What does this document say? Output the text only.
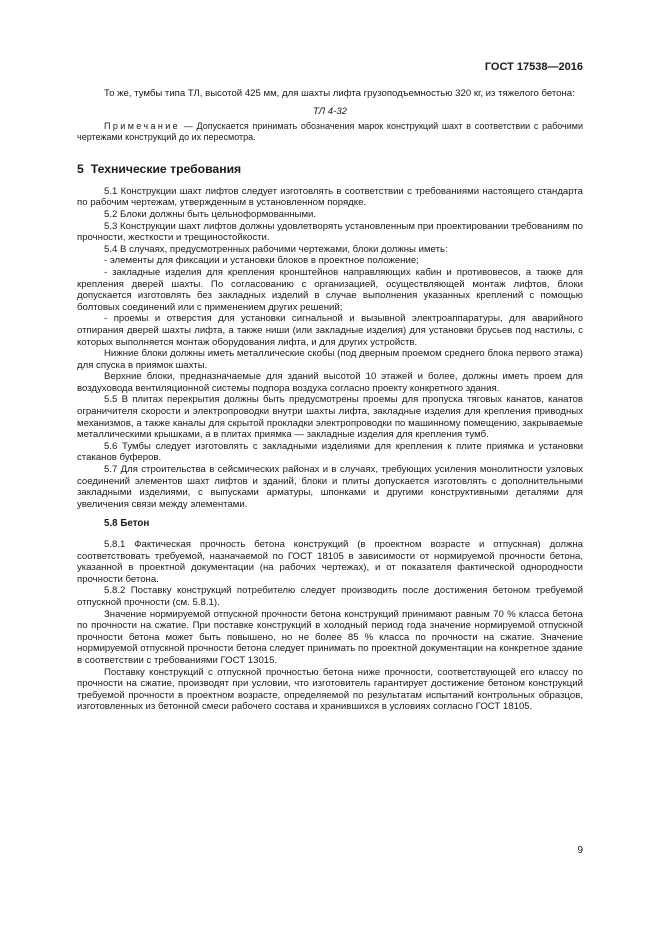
ГОСТ 17538—2016

То же, тумбы типа ТЛ, высотой 425 мм, для шахты лифта грузоподъемностью 320 кг, из тяжелого бетона:

ТЛ 4-32

Примечание — Допускается принимать обозначения марок конструкций шахт в соответствии с рабочими чертежами конструкций до их пересмотра.

5 Технические требования

5.1 Конструкции шахт лифтов следует изготовлять в соответствии с требованиями настоящего стандарта по рабочим чертежам, утвержденным в установленном порядке.

5.2 Блоки должны быть цельноформованными.

5.3 Конструкции шахт лифтов должны удовлетворять установленным при проектировании требованиям по прочности, жесткости и трещиностойкости.

5.4 В случаях, предусмотренных рабочими чертежами, блоки должны иметь:

- элементы для фиксации и установки блоков в проектное положение;

- закладные изделия для крепления кронштейнов направляющих кабин и противовесов, а также для крепления дверей шахты. По согласованию с организацией, осуществляющей монтаж лифтов, блоки допускается изготовлять без закладных изделий в случае выполнения указанных креплений с помощью болтовых соединений или с применением других решений;

- проемы и отверстия для установки сигнальной и вызывной электроаппаратуры, для аварийного отпирания дверей шахты лифта, а также ниши (или закладные изделия) для установки брусьев под настилы, с которых выполняется монтаж оборудования лифта, и для других устройств.

Нижние блоки должны иметь металлические скобы (под дверным проемом среднего блока первого этажа) для спуска в приямок шахты.

Верхние блоки, предназначаемые для зданий высотой 10 этажей и более, должны иметь проем для воздуховода вентиляционной системы подпора воздуха согласно проекту конкретного здания.

5.5 В плитах перекрытия должны быть предусмотрены проемы для пропуска тяговых канатов, канатов ограничителя скорости и электропроводки внутри шахты лифта, закладные изделия для крепления приводных механизмов, а также каналы для скрытой прокладки электропроводки по машинному помещению, закрываемые металлическими крышками, а в плитах приямка — закладные изделия для крепления тумб.

5.6 Тумбы следует изготовлять с закладными изделиями для крепления к плите приямка и установки стаканов буферов.

5.7 Для строительства в сейсмических районах и в случаях, требующих усиления монолитности узловых соединений элементов шахт лифтов и зданий, блоки и плиты допускается изготовлять с дополнительными закладными изделиями, с выпусками арматуры, шпонками и другими конструктивными деталями для увеличения связи между элементами.

5.8 Бетон

5.8.1 Фактическая прочность бетона конструкций (в проектном возрасте и отпускная) должна соответствовать требуемой, назначаемой по ГОСТ 18105 в зависимости от нормируемой прочности бетона, указанной в проектной документации (на рабочих чертежах), и от показателя фактической однородности прочности бетона.

5.8.2 Поставку конструкций потребителю следует производить после достижения бетоном требуемой отпускной прочности (см. 5.8.1).

Значение нормируемой отпускной прочности бетона конструкций принимают равным 70 % класса бетона по прочности на сжатие. При поставке конструкций в холодный период года значение нормируемой отпускной прочности бетона может быть повышено, но не более 85 % класса по прочности на сжатие. Значение нормируемой отпускной прочности бетона следует принимать по проектной документации на конкретное здание в соответствии с требованиями ГОСТ 13015.

Поставку конструкций с отпускной прочностью бетона ниже прочности, соответствующей его классу по прочности на сжатие, производят при условии, что изготовитель гарантирует достижение бетоном конструкций требуемой прочности в проектном возрасте, определяемой по результатам испытаний контрольных образцов, изготовленных из бетонной смеси рабочего состава и хранившихся в условиях согласно ГОСТ 18105.

9
